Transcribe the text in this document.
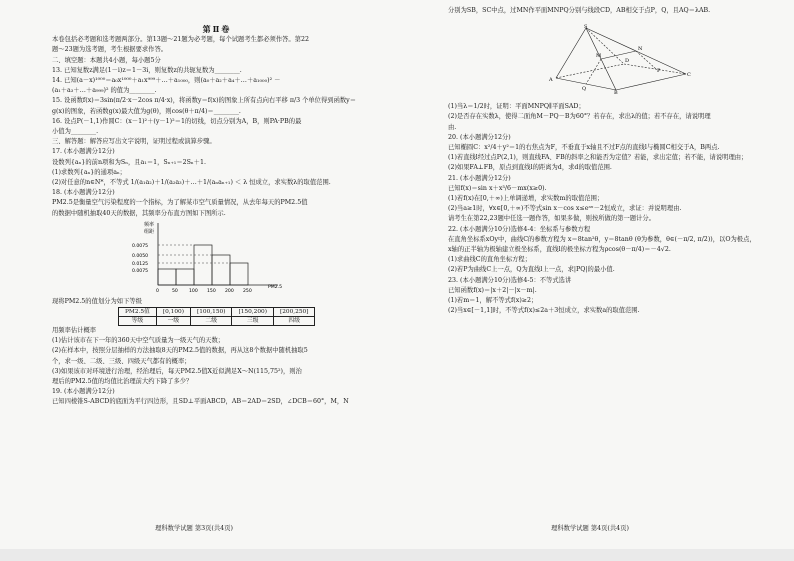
第Ⅱ卷
本卷包括必考题和选考题两部分。第13题～21题为必考题，每个试题考生都必须作答。第22
题～23题为选考题，考生根据要求作答。
二、填空题：本题共4小题，每小题5分
13. 已知复数z满足(1－i)z＝1－3i，则复数z的共轭复数为________.
14. 已知(a－x)¹⁰⁰⁰＝a₀x¹⁰⁰⁰＋a₁x⁹⁹⁹＋…＋a₁₀₀₀，则(a₀＋a₂＋a₄＋…＋a₁₀₀₀)² －
(a₁＋a₃＋…＋a₉₉₉)² 的值为________.
15. 设函数f(x)＝3sin(π/2·x－2cos π/4·x)，将函数y＝f(x)的图象上所有点向右平移 π/3 个单位得到函数y＝
g(x)的图象，若函数g(x)最大值为g(θ)，则cos(θ＋π/4)＝________.
16. 设点P(－1,1)作圆C：(x－1)²＋(y－1)²＝1的切线，切点分别为A，B，则PA·PB的最
小值为________.
三、解答题：解答应写出文字说明，证明过程或演算步骤。
17. (本小题满分12分)
设数列{aₙ}的前n项和为Sₙ，且a₁＝1，Sₙ₊₁＝2Sₙ＋1.
(1)求数列{aₙ}的通项aₙ；
(2)对任意的n∈N*，不等式 1/(a₁a₂)＋1/(a₂a₃)＋…＋1/(aₙaₙ₊₁) ＜ λ 恒成立，求实数λ的取值范围.
18. (本小题满分12分)
PM2.5是衡量空气污染程度的一个指标，为了解某市空气质量情况，从去年每天的PM2.5值
的数据中随机抽取40天的数据，其频率分布直方图如下图所示.
频率
组距
0.0075
0.0050
0.0125
0.0075
0	50 100 150 200 250
PM2.5
现将PM2.5的值划分为如下等级
PM2.5值	[0,100)	[100,150)	[150,200)	[200,250]
等级	一级	二级	三级	四级
用频率估计概率
(1)估计该市在下一年的360天中空气质量为一级天气的天数；
(2)在样本中，按照分层抽样的方法抽取8天的PM2.5值的数据，再从这8个数据中随机抽取5
个，求一级、二级、三级、四级天气都有的概率；
(3)如果该市对环境进行治理，经治理后，每天PM2.5值X近似满足X～N(115,75²)，则治
理后的PM2.5值的均值比治理前大约下降了多少？
19. (本小题满分12分)
已知四棱锥S-ABCD的底面为平行四边形，且SD⊥平面ABCD，AB＝2AD＝2SD，∠DCB＝60°，M，N
理科数学试题 第3页(共4页)
分别为SB，SC中点，过MN作平面MNPQ分别与线段CD，AB相交于点P，Q，且AQ＝λAB.
S
M
N
A
B
C
D
P
Q
(1)当λ＝1/2时，证明：平面MNPQ∥平面SAD；
(2)是否存在实数λ，使得二面角M－PQ－B为60°？若存在，求出λ的值；若不存在，请说明理
由.
20. (本小题满分12分)
已知椭圆C：x²/4＋y²＝1的右焦点为F，不垂直于x轴且不过F点的直线l与椭圆C相交于A，B两点.
(1)若直线l经过点P(2,1)，则直线FA、FB的斜率之和能否为定值？若能，求出定值；若不能，请说明理由；
(2)如果FA⊥FB，原点到直线l的距离为d，求d的取值范围.
21. (本小题满分12分)
已知f(x)＝sin x＋x³/6－mx(x≥0).
(1)若f(x)在[0,＋∞)上单调递增，求实数m的取值范围；
(2)当a≥1时，∀x∈[0,＋∞)不等式sin x－cos x≤eᵃˣ－2恒成立，求证：并说明理由.
请考生在第22,23题中任选一题作答，如果多做，则按所做的第一题计分。
22. (本小题满分10分)选修4-4：坐标系与参数方程
在直角坐标系xOy中，曲线C的参数方程为 x＝8tan²θ，y＝8tanθ (θ为参数，θ∈(－π/2, π/2))，以O为极点，
x轴的正半轴为极轴建立极坐标系，直线l的极坐标方程为ρcos(θ－π/4)＝－4√2.
(1)求曲线C的直角坐标方程；
(2)若P为曲线C上一点，Q为直线l上一点，求|PQ|的最小值.
23. (本小题满分10分)选修4-5：不等式选讲
已知函数f(x)＝|x＋2|－|x－m|.
(1)若m＝1，解不等式f(x)≥2；
(2)当x∈[－1,1]时，不等式f(x)≤2a＋3恒成立，求实数a的取值范围.
理科数学试题 第4页(共4页)
